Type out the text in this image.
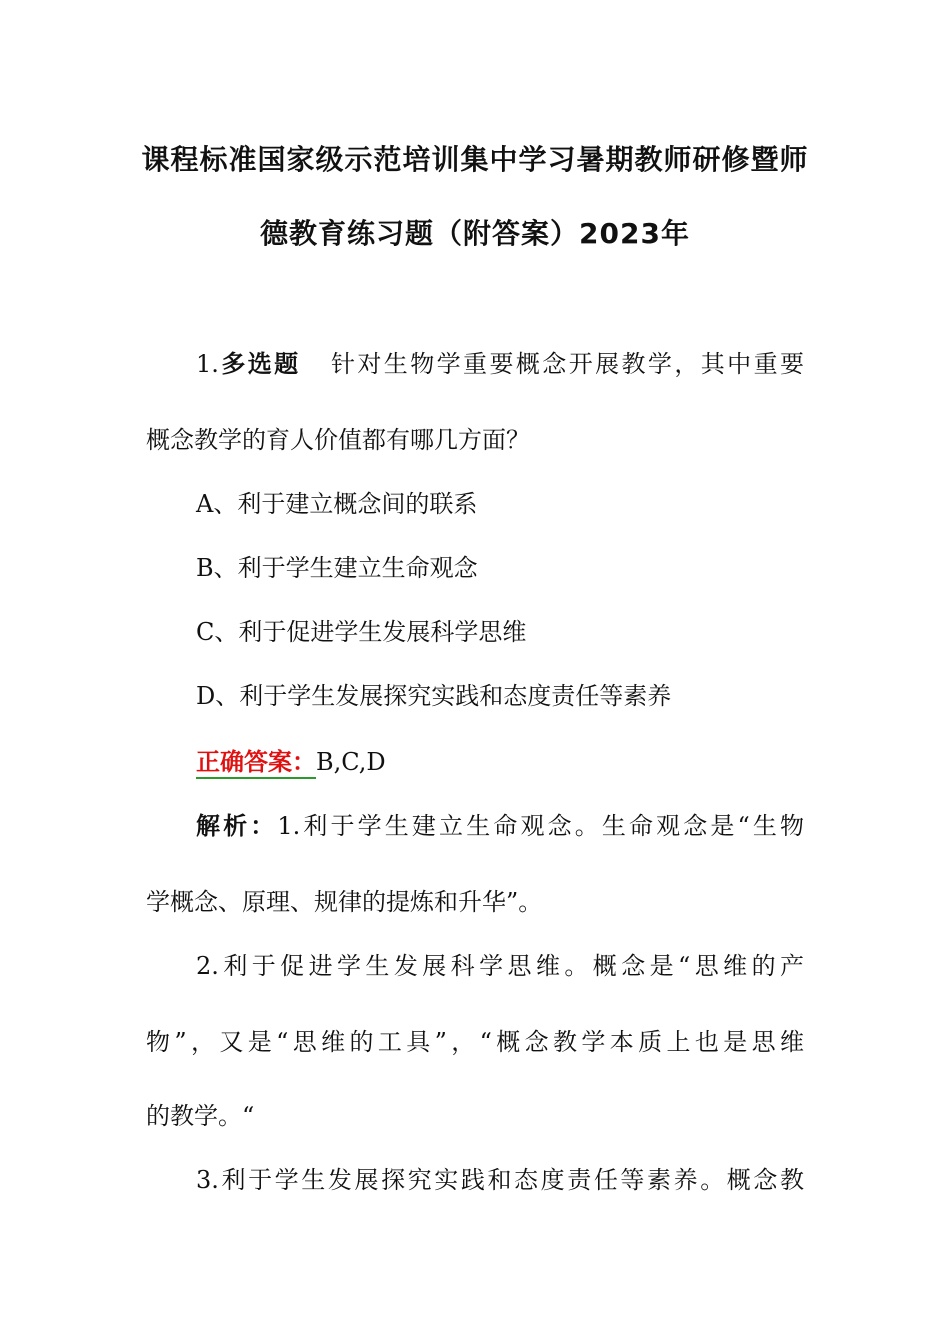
课程标准国家级示范培训集中学习暑期教师研修暨师
德教育练习题（附答案）2023年
1.多选题 针对生物学重要概念开展教学，其中重要
概念教学的育人价值都有哪几方面？
A、利于建立概念间的联系
B、利于学生建立生命观念
C、利于促进学生发展科学思维
D、利于学生发展探究实践和态度责任等素养
正确答案：B,C,D
解析：1.利于学生建立生命观念。生命观念是“生物
学概念、原理、规律的提炼和升华”。
2.利于促进学生发展科学思维。概念是“思维的产
物”，又是“思维的工具”，“概念教学本质上也是思维
的教学。“
3.利于学生发展探究实践和态度责任等素养。概念教
